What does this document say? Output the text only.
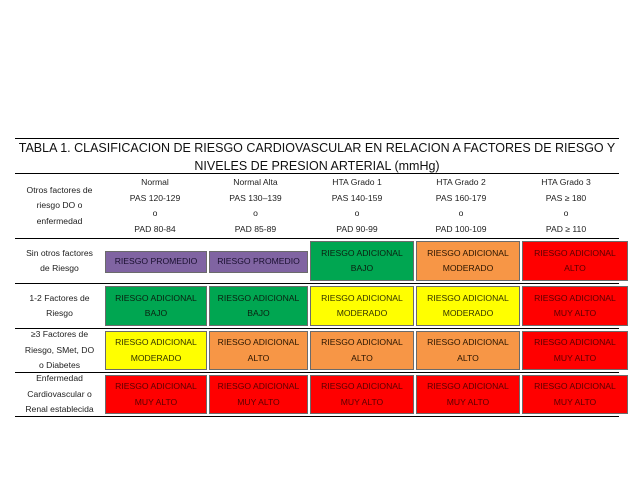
TABLA 1. CLASIFICACION DE RIESGO CARDIOVASCULAR EN RELACION A FACTORES DE RIESGO Y
NIVELES DE PRESION ARTERIAL (mmHg)
Otros factores de
riesgo DO o
enfermedad
Normal
PAS 120-129
o
PAD 80-84
Normal Alta
PAS 130–139
o
PAD 85-89
HTA Grado 1
PAS 140-159
o
PAD 90-99
HTA Grado 2
PAS 160-179
o
PAD 100-109
HTA Grado 3
PAS ≥ 180
o
PAD ≥ 110
Sin otros factores
de Riesgo
RIESGO PROMEDIO RIESGO PROMEDIO
RIESGO ADICIONAL
BAJO
RIESGO ADICIONAL
MODERADO
RIESGO ADICIONAL
ALTO
1-2 Factores de
Riesgo
RIESGO ADICIONAL
BAJO
RIESGO ADICIONAL
BAJO
RIESGO ADICIONAL
MODERADO
RIESGO ADICIONAL
MODERADO
RIESGO ADICIONAL
MUY ALTO
≥3 Factores de
Riesgo, SMet, DO
o Diabetes
RIESGO ADICIONAL
MODERADO
RIESGO ADICIONAL
ALTO
RIESGO ADICIONAL
ALTO
RIESGO ADICIONAL
ALTO
RIESGO ADICIONAL
MUY ALTO
Enfermedad
Cardiovascular o
Renal establecida
RIESGO ADICIONAL
MUY ALTO
RIESGO ADICIONAL
MUY ALTO
RIESGO ADICIONAL
MUY ALTO
RIESGO ADICIONAL
MUY ALTO
RIESGO ADICIONAL
MUY ALTO
